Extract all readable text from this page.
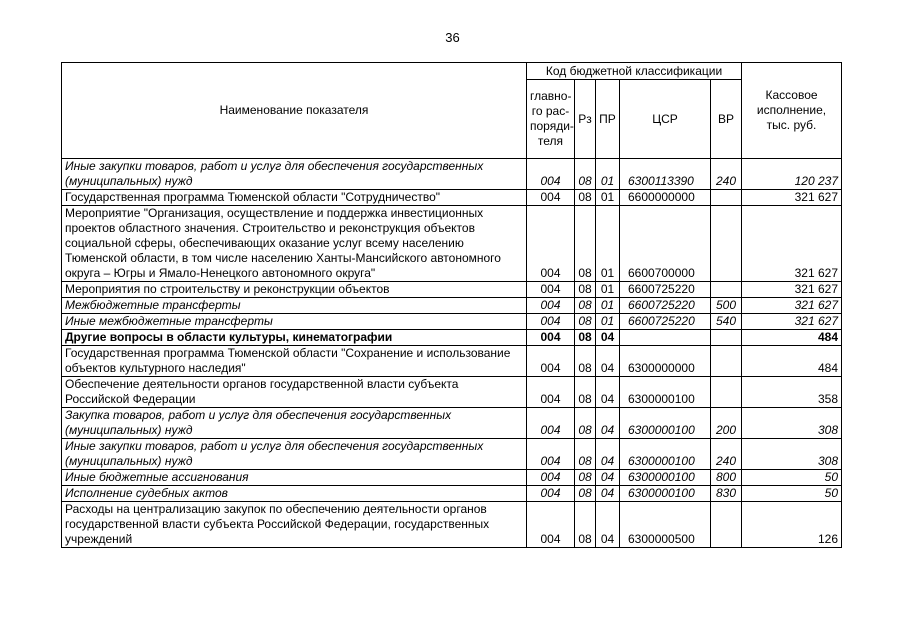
36
Наименование показателя	Код бюджетной классификации					Кассовое исполнение, тыс. руб.
	главно-го рас-поряди-теля	Рз	ПР	ЦСР	ВР	
Иные закупки товаров, работ и услуг для обеспечения государственных (муниципальных) нужд	004	08	01	6300113390	240	120 237
Государственная программа Тюменской области "Сотрудничество"	004	08	01	6600000000		321 627
Мероприятие "Организация, осуществление и поддержка инвестиционных проектов областного значения. Строительство и реконструкция объектов социальной сферы, обеспечивающих оказание услуг всему населению Тюменской области, в том числе населению Ханты-Мансийского автономного округа – Югры и Ямало-Ненецкого автономного округа"	004	08	01	6600700000		321 627
Мероприятия по строительству и реконструкции объектов	004	08	01	6600725220		321 627
Межбюджетные трансферты	004	08	01	6600725220	500	321 627
Иные межбюджетные трансферты	004	08	01	6600725220	540	321 627
Другие вопросы в области культуры, кинематографии	004	08	04			484
Государственная программа Тюменской области "Сохранение и использование объектов культурного наследия"	004	08	04	6300000000		484
Обеспечение деятельности органов государственной власти субъекта Российской Федерации	004	08	04	6300000100		358
Закупка товаров, работ и услуг для обеспечения государственных (муниципальных) нужд	004	08	04	6300000100	200	308
Иные закупки товаров, работ и услуг для обеспечения государственных (муниципальных) нужд	004	08	04	6300000100	240	308
Иные бюджетные ассигнования	004	08	04	6300000100	800	50
Исполнение судебных актов	004	08	04	6300000100	830	50
Расходы на централизацию закупок по обеспечению деятельности органов государственной власти субъекта Российской Федерации, государственных учреждений	004	08	04	6300000500		126
